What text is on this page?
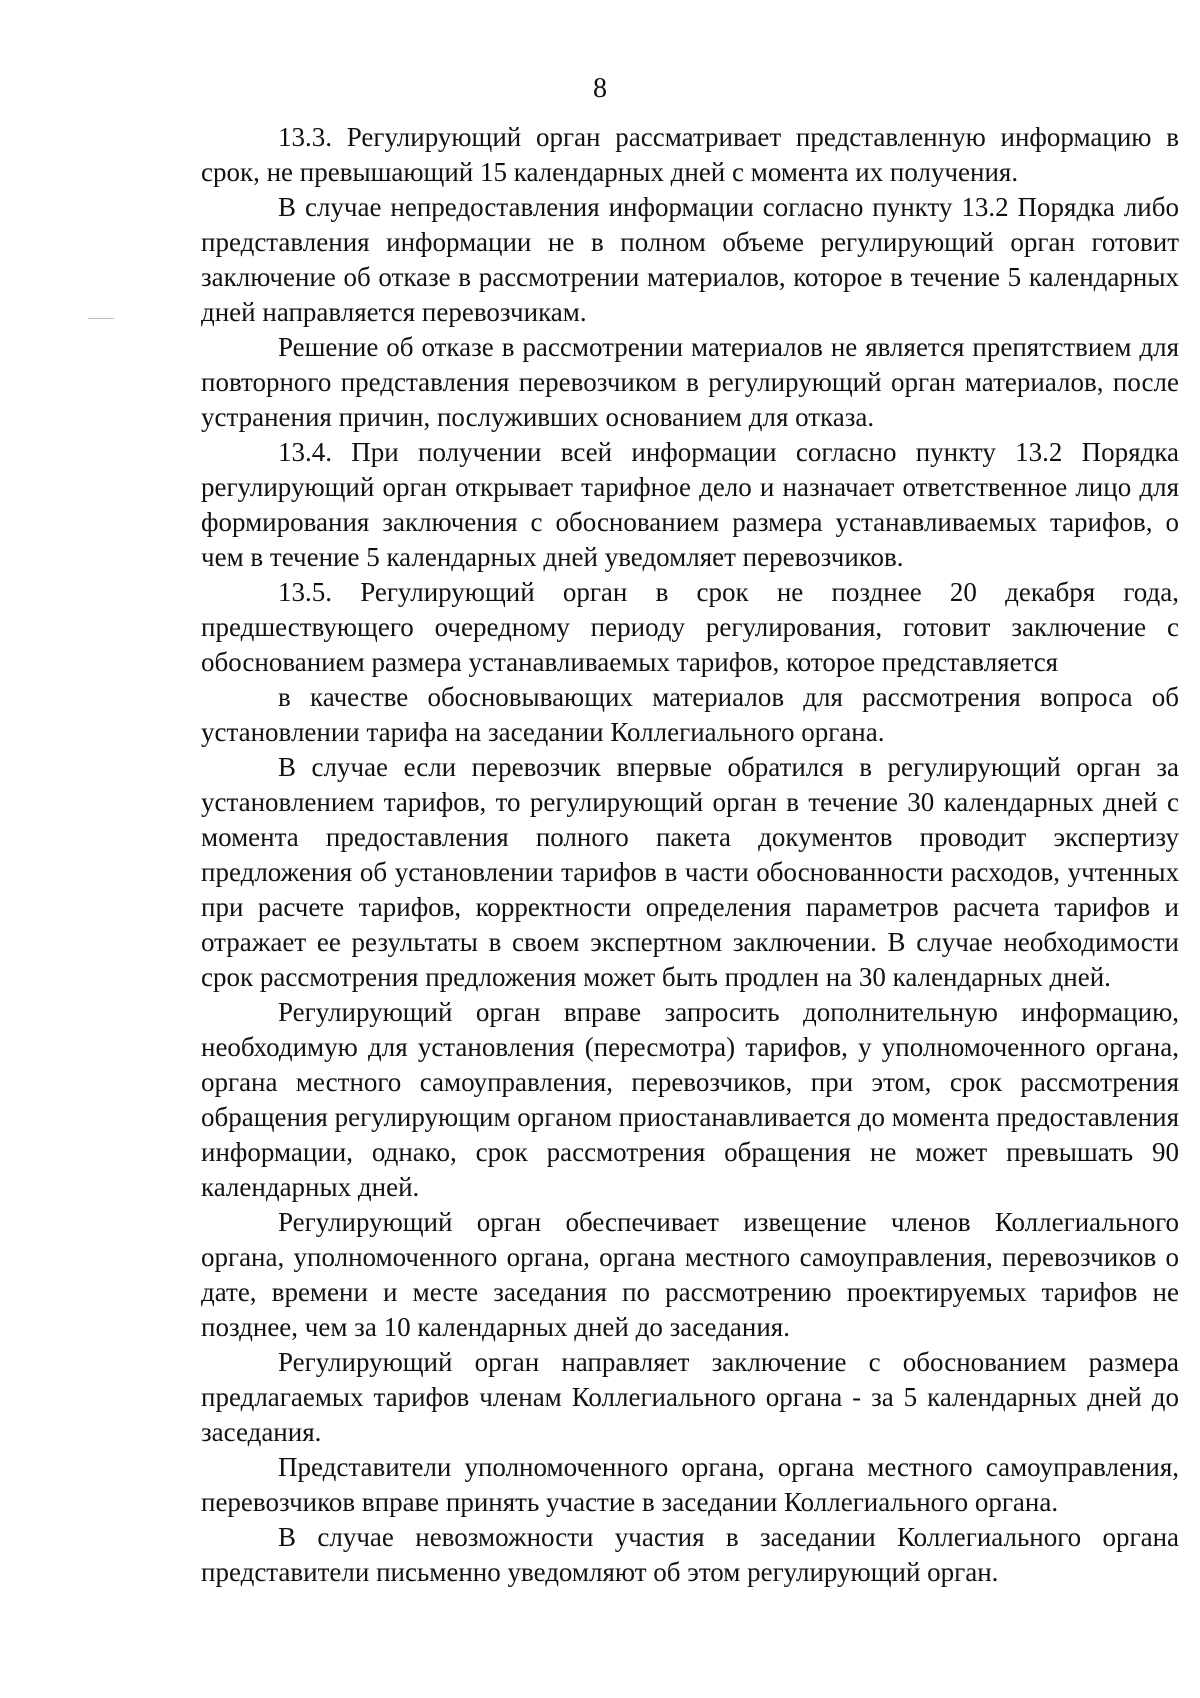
8

13.3. Регулирующий орган рассматривает представленную информацию в срок, не превышающий 15 календарных дней с момента их получения.

В случае непредоставления информации согласно пункту 13.2 Порядка либо представления информации не в полном объеме регулирующий орган готовит заключение об отказе в рассмотрении материалов, которое в течение 5 календарных дней направляется перевозчикам.

Решение об отказе в рассмотрении материалов не является препятствием для повторного представления перевозчиком в регулирующий орган материалов, после устранения причин, послуживших основанием для отказа.

13.4. При получении всей информации согласно пункту 13.2 Порядка регулирующий орган открывает тарифное дело и назначает ответственное лицо для формирования заключения с обоснованием размера устанавливаемых тарифов, о чем в течение 5 календарных дней уведомляет перевозчиков.

13.5. Регулирующий орган в срок не позднее 20 декабря года, предшествующего очередному периоду регулирования, готовит заключение с обоснованием размера устанавливаемых тарифов, которое представляется

в качестве обосновывающих материалов для рассмотрения вопроса об установлении тарифа на заседании Коллегиального органа.

В случае если перевозчик впервые обратился в регулирующий орган за установлением тарифов, то регулирующий орган в течение 30 календарных дней с момента предоставления полного пакета документов проводит экспертизу предложения об установлении тарифов в части обоснованности расходов, учтенных при расчете тарифов, корректности определения параметров расчета тарифов и отражает ее результаты в своем экспертном заключении. В случае необходимости срок рассмотрения предложения может быть продлен на 30 календарных дней.

Регулирующий орган вправе запросить дополнительную информацию, необходимую для установления (пересмотра) тарифов, у уполномоченного органа, органа местного самоуправления, перевозчиков, при этом, срок рассмотрения обращения регулирующим органом приостанавливается до момента предоставления информации, однако, срок рассмотрения обращения не может превышать 90 календарных дней.

Регулирующий орган обеспечивает извещение членов Коллегиального органа, уполномоченного органа, органа местного самоуправления, перевозчиков о дате, времени и месте заседания по рассмотрению проектируемых тарифов не позднее, чем за 10 календарных дней до заседания.

Регулирующий орган направляет заключение с обоснованием размера предлагаемых тарифов членам Коллегиального органа - за 5 календарных дней до заседания.

Представители уполномоченного органа, органа местного самоуправления, перевозчиков вправе принять участие в заседании Коллегиального органа.

В случае невозможности участия в заседании Коллегиального органа представители письменно уведомляют об этом регулирующий орган.
